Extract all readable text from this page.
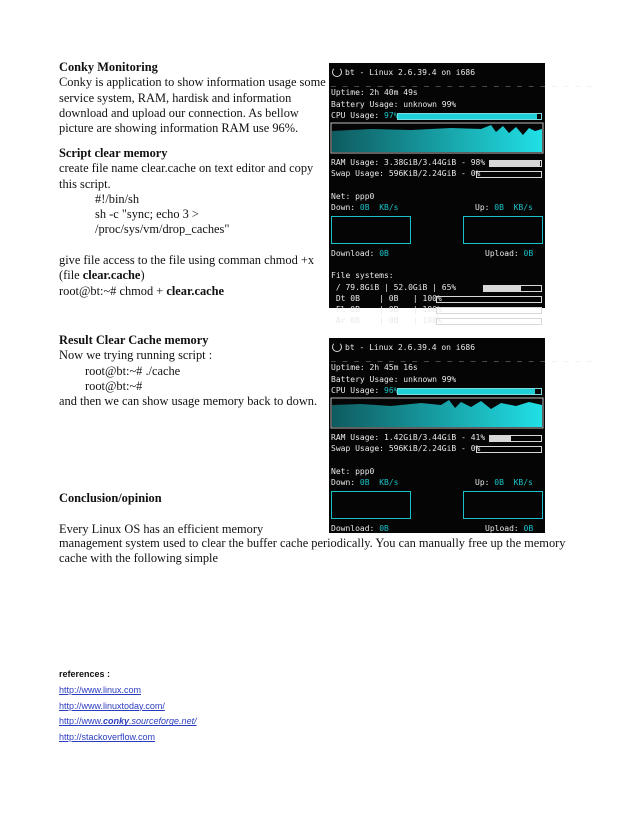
Conky Monitoring

Conky is application to show information usage some

service system, RAM, hardisk and information

download and upload our connection. As bellow

picture are showing information RAM use 96%.

Script clear memory

create file name clear.cache on text editor and copy

this script.

#!/bin/sh

sh -c "sync; echo 3 >

/proc/sys/vm/drop_caches"

give file access to the file using comman chmod +x

(file clear.cache)

root@bt:~# chmod + clear.cache

Result Clear Cache memory

Now we trying running script :

root@bt:~# ./cache

root@bt:~#

and then we can show usage memory back to down.

Conclusion/opinion

Every Linux OS has an efficient memory

management system used to clear the buffer cache periodically. You can manually free up the memory

cache with the following simple

references :
http://www.linux.com
http://www.linuxtoday.com/
http://www.conky.sourceforge.net/
http://stackoverflow.com
bt - Linux 2.6.39.4 on i686
_ _ _ _ _ _ _ _ _ _ _ _ _ _ _ _ _ _ _ _ _ _ _
Uptime: 2h 40m 49s
Battery Usage: unknown 99%
CPU Usage: 97%
RAM Usage: 3.38GiB/3.44GiB - 98%
Swap Usage: 596KiB/2.24GiB - 0%

Net: ppp0
Down: 0B KB/s	Up: 0B KB/s
Download: 0B	Upload: 0B

File systems:
/ 79.8GiB | 52.0GiB | 65%
Dt 0B    | 0B   | 100%
Fl 0B    | 0B   | 100%
Ar 0B    | 0B   | 100%
bt - Linux 2.6.39.4 on i686
_ _ _ _ _ _ _ _ _ _ _ _ _ _ _ _ _ _ _ _ _ _ _
Uptime: 2h 45m 16s
Battery Usage: unknown 99%
CPU Usage: 96%
RAM Usage: 1.42GiB/3.44GiB - 41%
Swap Usage: 596KiB/2.24GiB - 0%

Net: ppp0
Down: 0B KB/s	Up: 0B KB/s
Download: 0B	Upload: 0B
